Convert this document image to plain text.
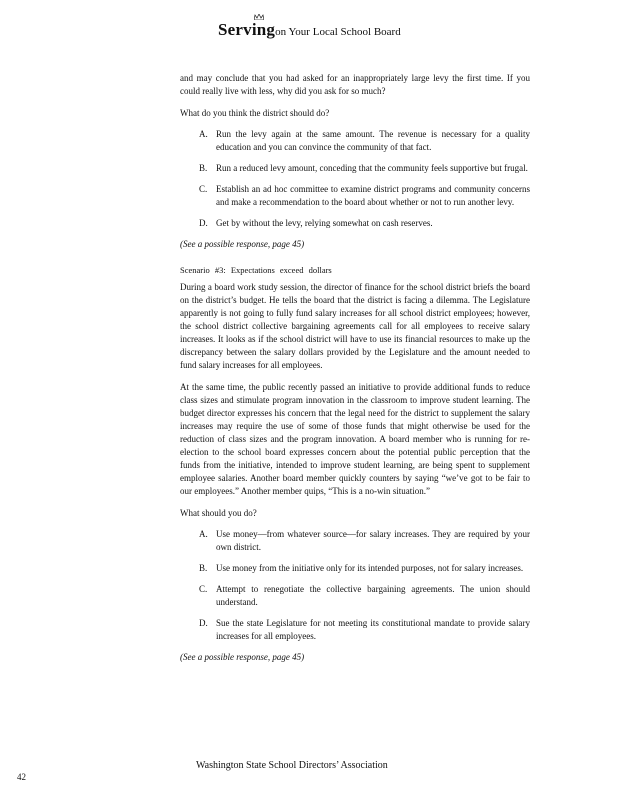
Serving
on Your Local School Board

and may conclude that you had asked for an inappropriately large levy the first time. If you could really live with less, why did you ask for so much?

What do you think the district should do?

A. Run the levy again at the same amount. The revenue is necessary for a quality education and you can convince the community of that fact.
B. Run a reduced levy amount, conceding that the community feels supportive but frugal.
C. Establish an ad hoc committee to examine district programs and community concerns and make a recommendation to the board about whether or not to run another levy.
D. Get by without the levy, relying somewhat on cash reserves.

(See a possible response, page 45)

Scenario #3: Expectations exceed dollars

During a board work study session, the director of finance for the school district briefs the board on the district’s budget. He tells the board that the district is facing a dilemma. The Legislature apparently is not going to fully fund salary increases for all school district employees; however, the school district collective bargaining agreements call for all employees to receive salary increases. It looks as if the school district will have to use its financial resources to make up the discrepancy between the salary dollars provided by the Legislature and the amount needed to fund salary increases for all employees.

At the same time, the public recently passed an initiative to provide additional funds to reduce class sizes and stimulate program innovation in the classroom to improve student learning. The budget director expresses his concern that the legal need for the district to supplement the salary increases may require the use of some of those funds that might otherwise be used for the reduction of class sizes and the program innovation. A board member who is running for re-election to the school board expresses concern about the potential public perception that the funds from the initiative, intended to improve student learning, are being spent to supplement employee salaries. Another board member quickly counters by saying “we’ve got to be fair to our employees.” Another member quips, “This is a no-win situation.”

What should you do?

A. Use money—from whatever source—for salary increases. They are required by your own district.
B. Use money from the initiative only for its intended purposes, not for salary increases.
C. Attempt to renegotiate the collective bargaining agreements. The union should understand.
D. Sue the state Legislature for not meeting its constitutional mandate to provide salary increases for all employees.

(See a possible response, page 45)

Washington State School Directors’ Association
42
